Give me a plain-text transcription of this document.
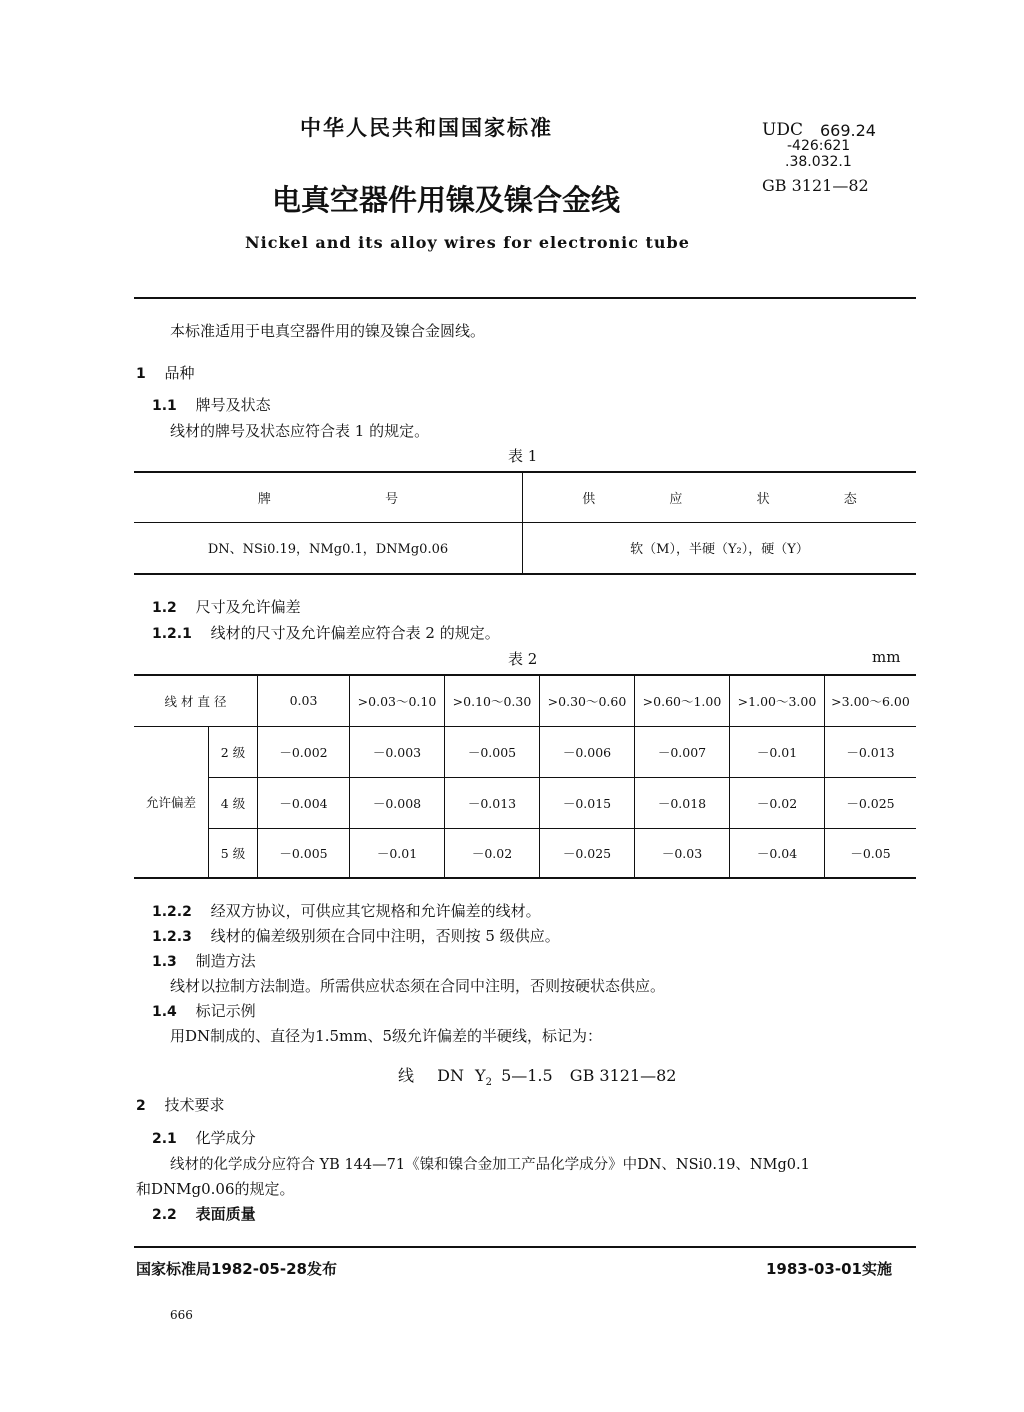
中华人民共和国国家标准
电真空器件用镍及镍合金线
Nickel and its alloy wires for electronic tube
UDC 669.24
-426:621
.38.032.1
GB 3121—82

本标准适用于电真空器件用的镍及镍合金圆线。

1 品种

1.1 牌号及状态

线材的牌号及状态应符合表 1 的规定。

表 1

牌 号	供 应 状 态
DN、NSi0.19，NMg0.1，DNMg0.06	软（M），半硬（Y₂），硬（Y）

1.2 尺寸及允许偏差

1.2.1 线材的尺寸及允许偏差应符合表 2 的规定。

表 2	mm

线 材 直 径		0.03	>0.03～0.10	>0.10～0.30	>0.30～0.60	>0.60～1.00	>1.00～3.00	>3.00～6.00
允许偏差	2 级	－0.002	－0.003	－0.005	－0.006	－0.007	－0.01	－0.013
	4 级	－0.004	－0.008	－0.013	－0.015	－0.018	－0.02	－0.025
	5 级	－0.005	－0.01	－0.02	－0.025	－0.03	－0.04	－0.05

1.2.2 经双方协议，可供应其它规格和允许偏差的线材。

1.2.3 线材的偏差级别须在合同中注明，否则按 5 级供应。

1.3 制造方法

线材以拉制方法制造。所需供应状态须在合同中注明，否则按硬状态供应。

1.4 标记示例

用DN制成的、直径为1.5mm、5级允许偏差的半硬线，标记为：

线 DN $Y_2$ 5—1.5 GB 3121—82

2 技术要求

2.1 化学成分

线材的化学成分应符合 YB 144—71《镍和镍合金加工产品化学成分》中DN、NSi0.19、NMg0.1

和DNMg0.06的规定。

2.2 表面质量

国家标准局1982-05-28发布	1983-03-01实施
666
